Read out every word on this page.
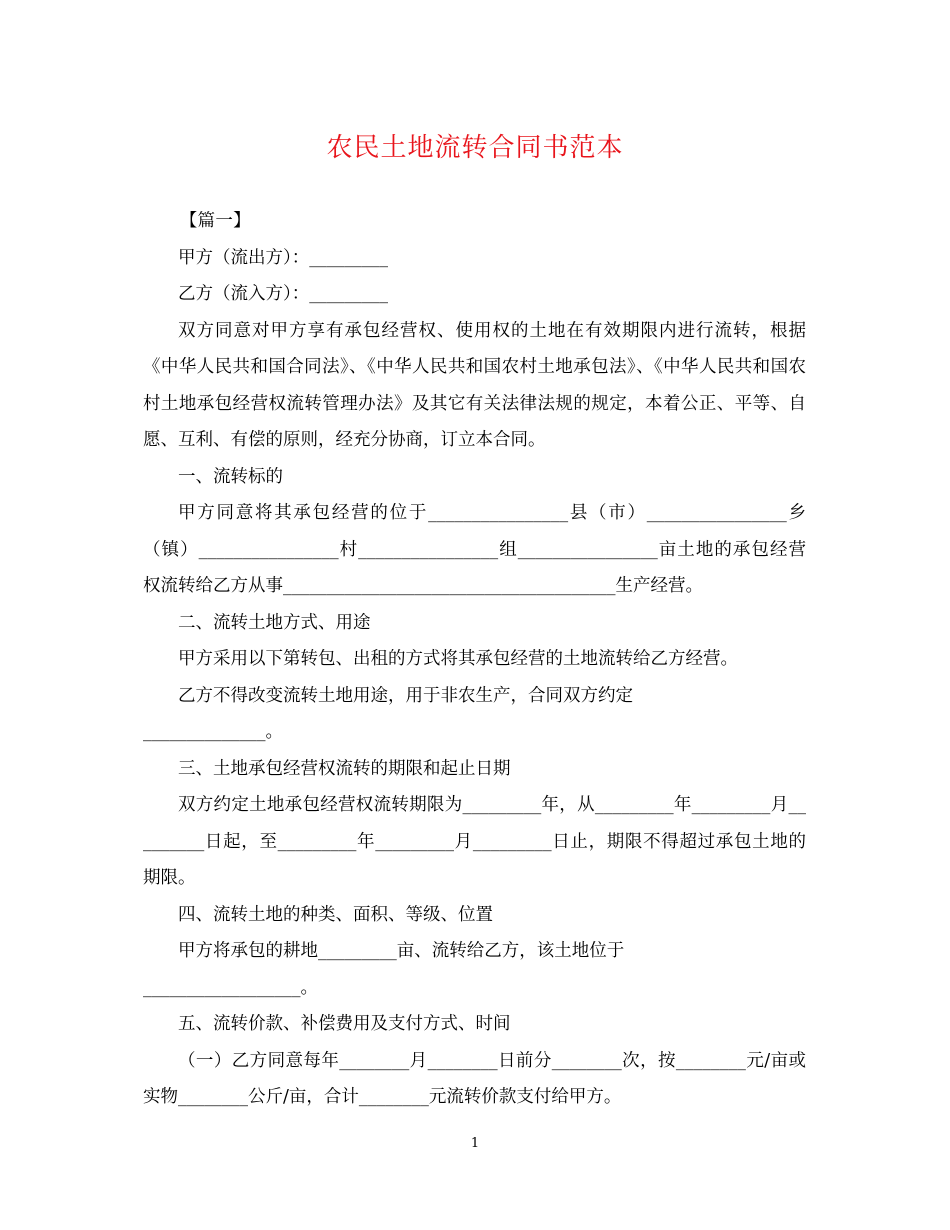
农民土地流转合同书范本

【篇一】

甲方（流出方）：_________

乙方（流入方）：_________

双方同意对甲方享有承包经营权、使用权的土地在有效期限内进行流转，根据《中华人民共和国合同法》、《中华人民共和国农村土地承包法》、《中华人民共和国农村土地承包经营权流转管理办法》及其它有关法律法规的规定，本着公正、平等、自愿、互利、有偿的原则，经充分协商，订立本合同。

一、流转标的

甲方同意将其承包经营的位于________________县（市）________________乡（镇）________________村________________组________________亩土地的承包经营权流转给乙方从事______________________________________生产经营。

二、流转土地方式、用途

甲方采用以下第转包、出租的方式将其承包经营的土地流转给乙方经营。

乙方不得改变流转土地用途，用于非农生产，合同双方约定

______________。

三、土地承包经营权流转的期限和起止日期

双方约定土地承包经营权流转期限为_________年，从_________年_________月_________日起，至_________年_________月_________日止，期限不得超过承包土地的期限。

四、流转土地的种类、面积、等级、位置

甲方将承包的耕地_________亩、流转给乙方，该土地位于

__________________。

五、流转价款、补偿费用及支付方式、时间

（一）乙方同意每年________月________日前分________次，按________元/亩或实物________公斤/亩，合计________元流转价款支付给甲方。

1
